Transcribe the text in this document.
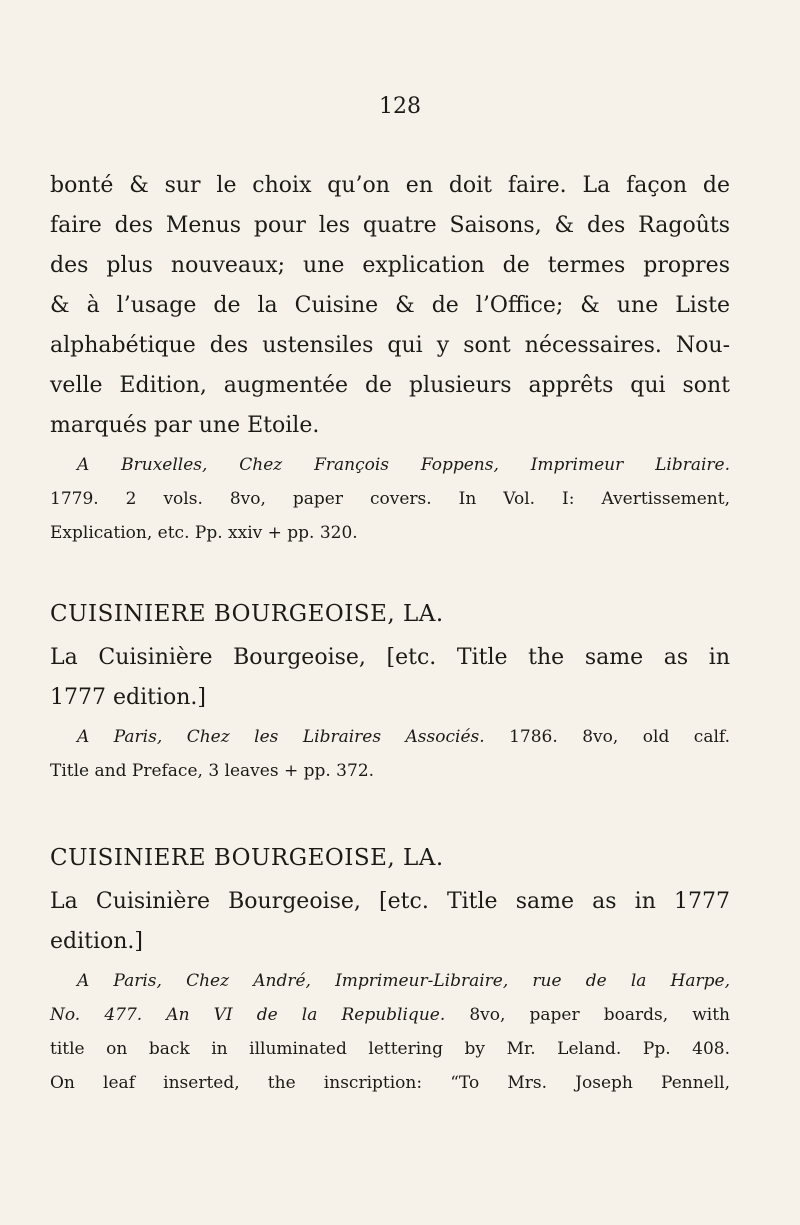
128

bonté & sur le choix qu’on en doit faire. La façon de

faire des Menus pour les quatre Saisons, & des Ragoûts

des plus nouveaux; une explication de termes propres

& à l’usage de la Cuisine & de l’Office; & une Liste

alphabétique des ustensiles qui y sont nécessaires. Nou-

velle Edition, augmentée de plusieurs apprêts qui sont

marqués par une Etoile.

A Bruxelles, Chez François Foppens, Imprimeur Libraire.

1779. 2 vols. 8vo, paper covers. In Vol. I: Avertissement,

Explication, etc. Pp. xxiv + pp. 320.

CUISINIERE BOURGEOISE, LA.

La Cuisinière Bourgeoise, [etc. Title the same as in

1777 edition.]

A Paris, Chez les Libraires Associés. 1786. 8vo, old calf.

Title and Preface, 3 leaves + pp. 372.

CUISINIERE BOURGEOISE, LA.

La Cuisinière Bourgeoise, [etc. Title same as in 1777

edition.]

A Paris, Chez André, Imprimeur-Libraire, rue de la Harpe,

No. 477. An VI de la Republique. 8vo, paper boards, with

title on back in illuminated lettering by Mr. Leland. Pp. 408.

On leaf inserted, the inscription: “To Mrs. Joseph Pennell,
